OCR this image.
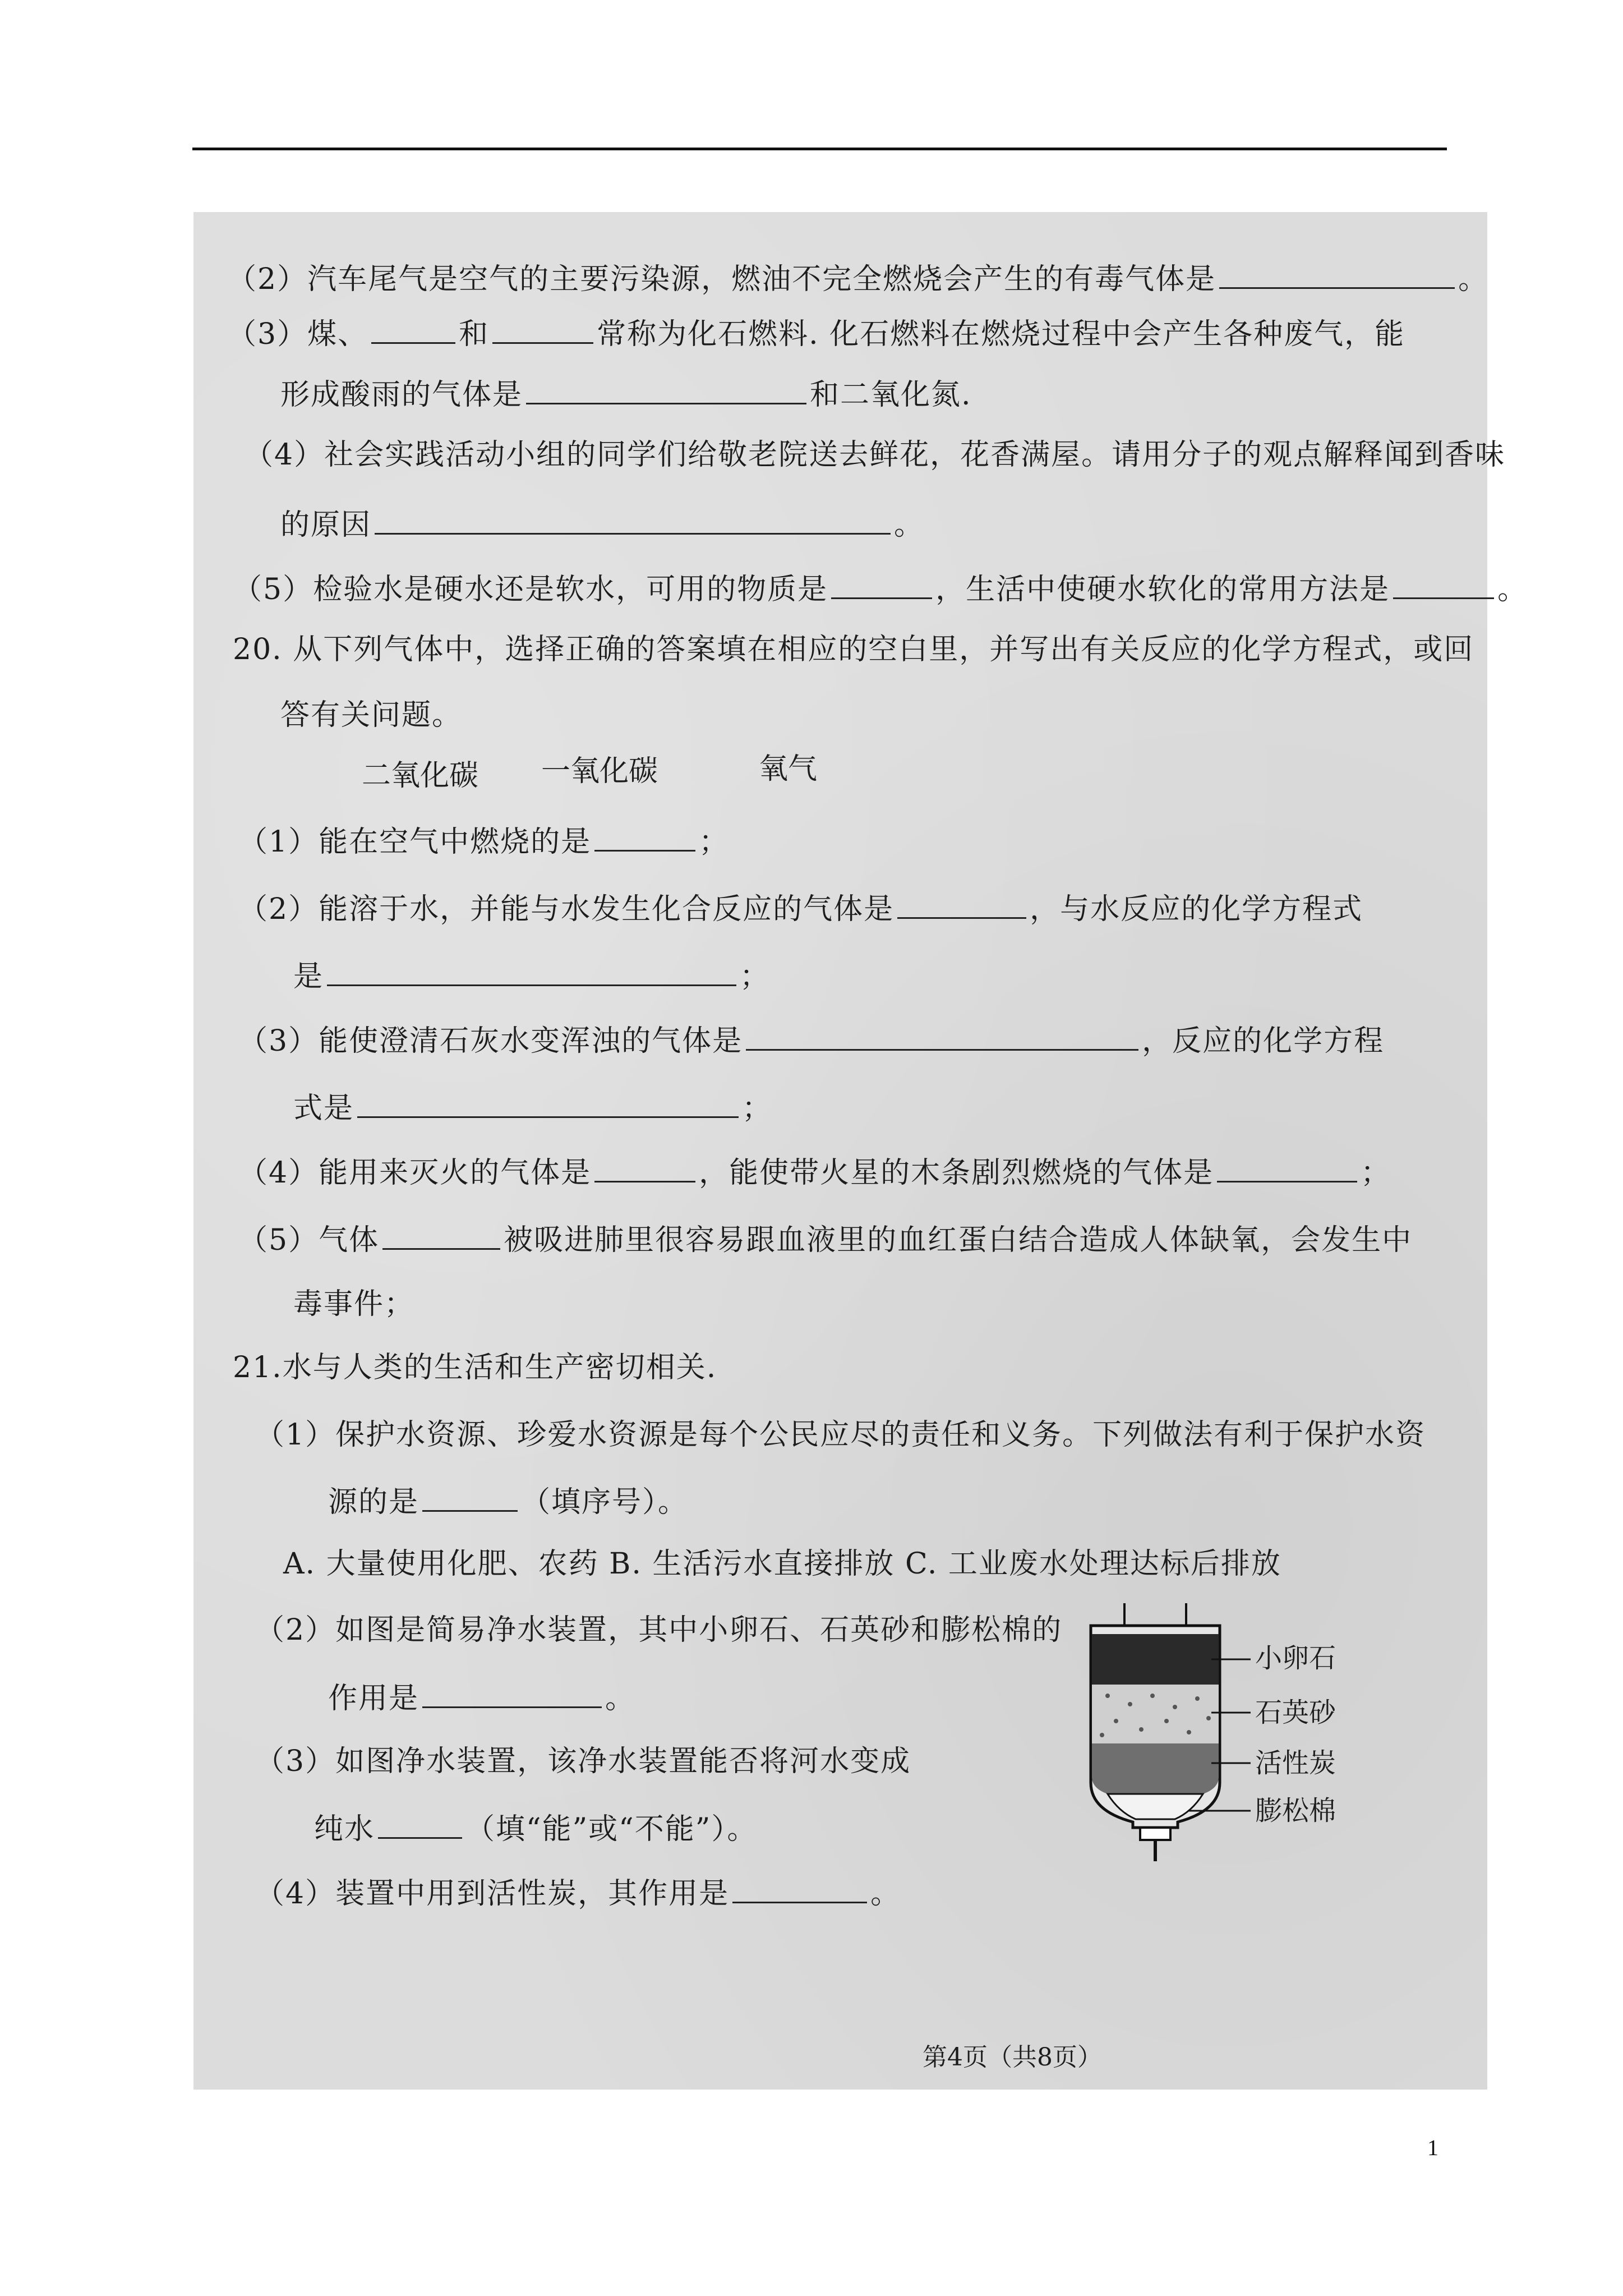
（2）汽车尾气是空气的主要污染源，燃油不完全燃烧会产生的有毒气体是	。
（3）煤、	和	常称为化石燃料. 化石燃料在燃烧过程中会产生各种废气，能
形成酸雨的气体是	和二氧化氮.
（4）社会实践活动小组的同学们给敬老院送去鲜花，花香满屋。请用分子的观点解释闻到香味
的原因	。
（5）检验水是硬水还是软水，可用的物质是	，生活中使硬水软化的常用方法是	。
20. 从下列气体中，选择正确的答案填在相应的空白里，并写出有关反应的化学方程式，或回
答有关问题。
二氧化碳 一氧化碳	氧气
（1）能在空气中燃烧的是	；
（2）能溶于水，并能与水发生化合反应的气体是	，与水反应的化学方程式
是	；
（3）能使澄清石灰水变浑浊的气体是	，反应的化学方程
式是	；
（4）能用来灭火的气体是	，能使带火星的木条剧烈燃烧的气体是	；
（5）气体	被吸进肺里很容易跟血液里的血红蛋白结合造成人体缺氧，会发生中
毒事件；
21.水与人类的生活和生产密切相关.
（1）保护水资源、珍爱水资源是每个公民应尽的责任和义务。下列做法有利于保护水资
源的是	（填序号）。
A. 大量使用化肥、农药 B. 生活污水直接排放 C. 工业废水处理达标后排放
（2）如图是简易净水装置，其中小卵石、石英砂和膨松棉的
作用是	。
（3）如图净水装置，该净水装置能否将河水变成
纯水	（填“能”或“不能”）。
（4）装置中用到活性炭，其作用是	。
小卵石
石英砂
活性炭
膨松棉
第4页（共8页）
1
